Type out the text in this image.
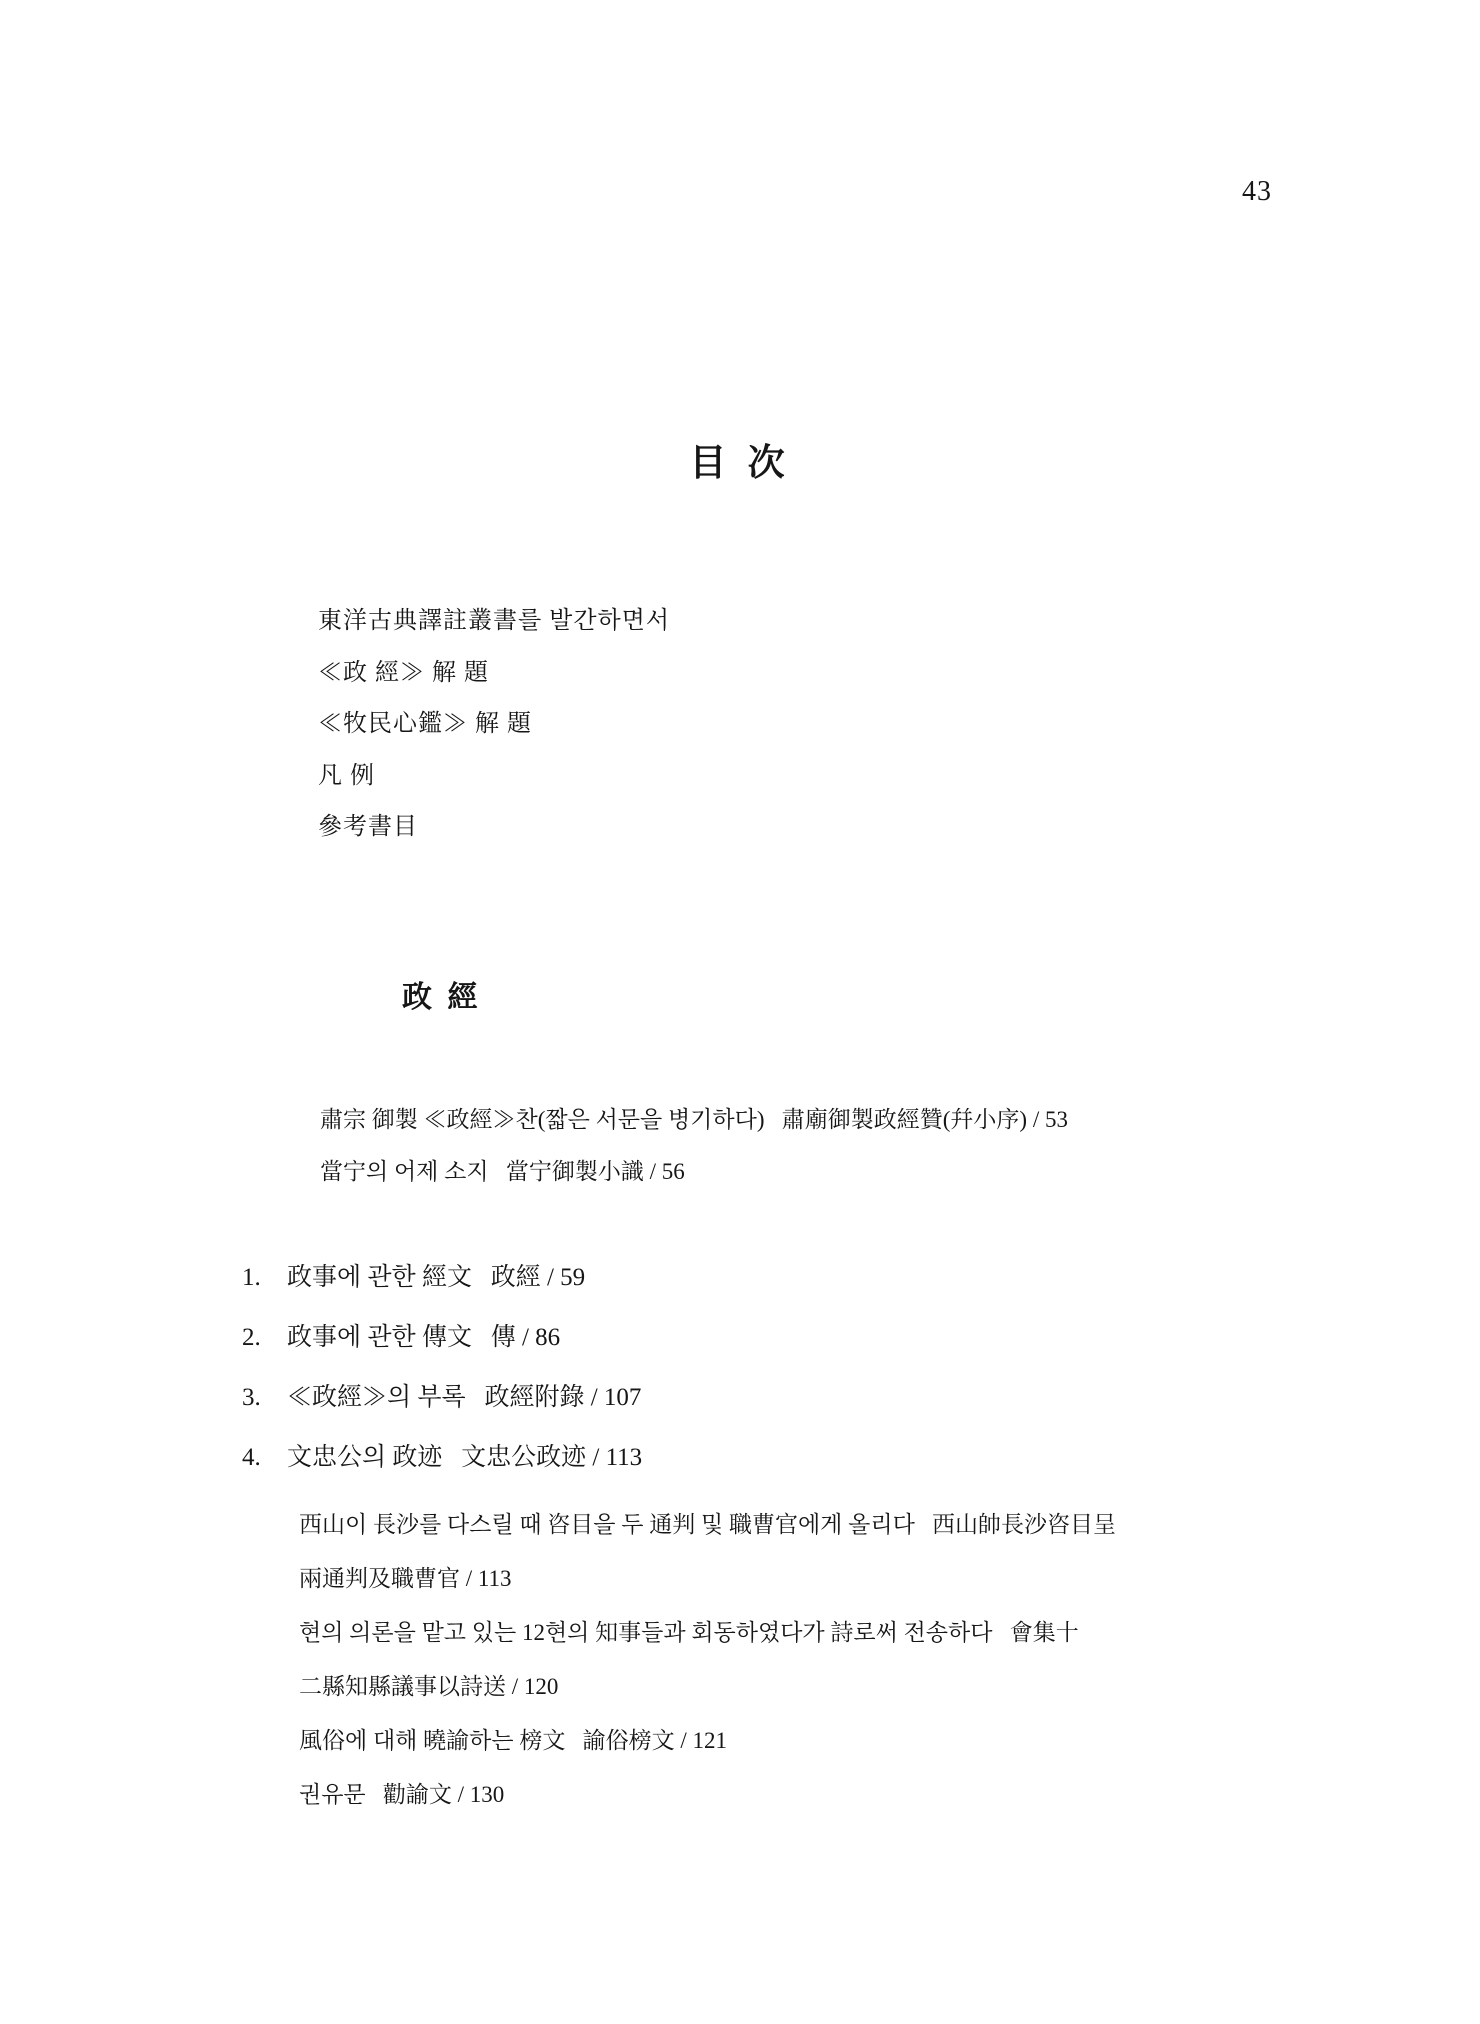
43
目 次
東洋古典譯註叢書를 발간하면서
≪政 經≫ 解 題
≪牧民心鑑≫ 解 題
凡 例
參考書目
政 經
肅宗 御製 ≪政經≫찬(짧은 서문을 병기하다)   肅廟御製政經贊(幷小序) / 53
當宁의 어제 소지   當宁御製小識 / 56
1. 政事에 관한 經文   政經 / 59
2. 政事에 관한 傳文   傳 / 86
3. ≪政經≫의 부록   政經附錄 / 107
4. 文忠公의 政迹   文忠公政迹 / 113
西山이 長沙를 다스릴 때 咨目을 두 通判 및 職曹官에게 올리다   西山帥長沙咨目呈
兩通判及職曹官 / 113
현의 의론을 맡고 있는 12현의 知事들과 회동하였다가 詩로써 전송하다   會集十
二縣知縣議事以詩送 / 120
風俗에 대해 曉諭하는 榜文   諭俗榜文 / 121
권유문   勸諭文 / 130
